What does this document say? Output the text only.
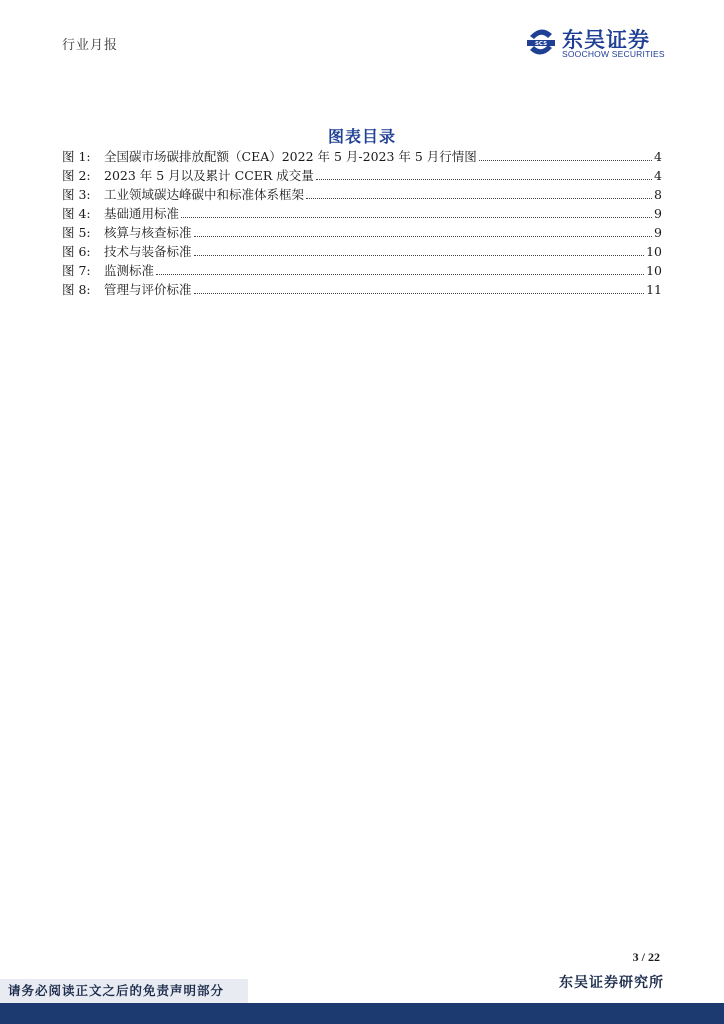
行业月报	SCS 东吴证券
SOOCHOW SECURITIES
图表目录
图 1:	全国碳市场碳排放配额（CEA）2022 年 5 月-2023 年 5 月行情图	4
图 2:	2023 年 5 月以及累计 CCER 成交量	4
图 3:	工业领域碳达峰碳中和标准体系框架	8
图 4:	基础通用标准	9
图 5:	核算与核查标准	9
图 6:	技术与装备标准	10
图 7:	监测标准	10
图 8:	管理与评价标准	11
3 / 22
东吴证券研究所
请务必阅读正文之后的免责声明部分
